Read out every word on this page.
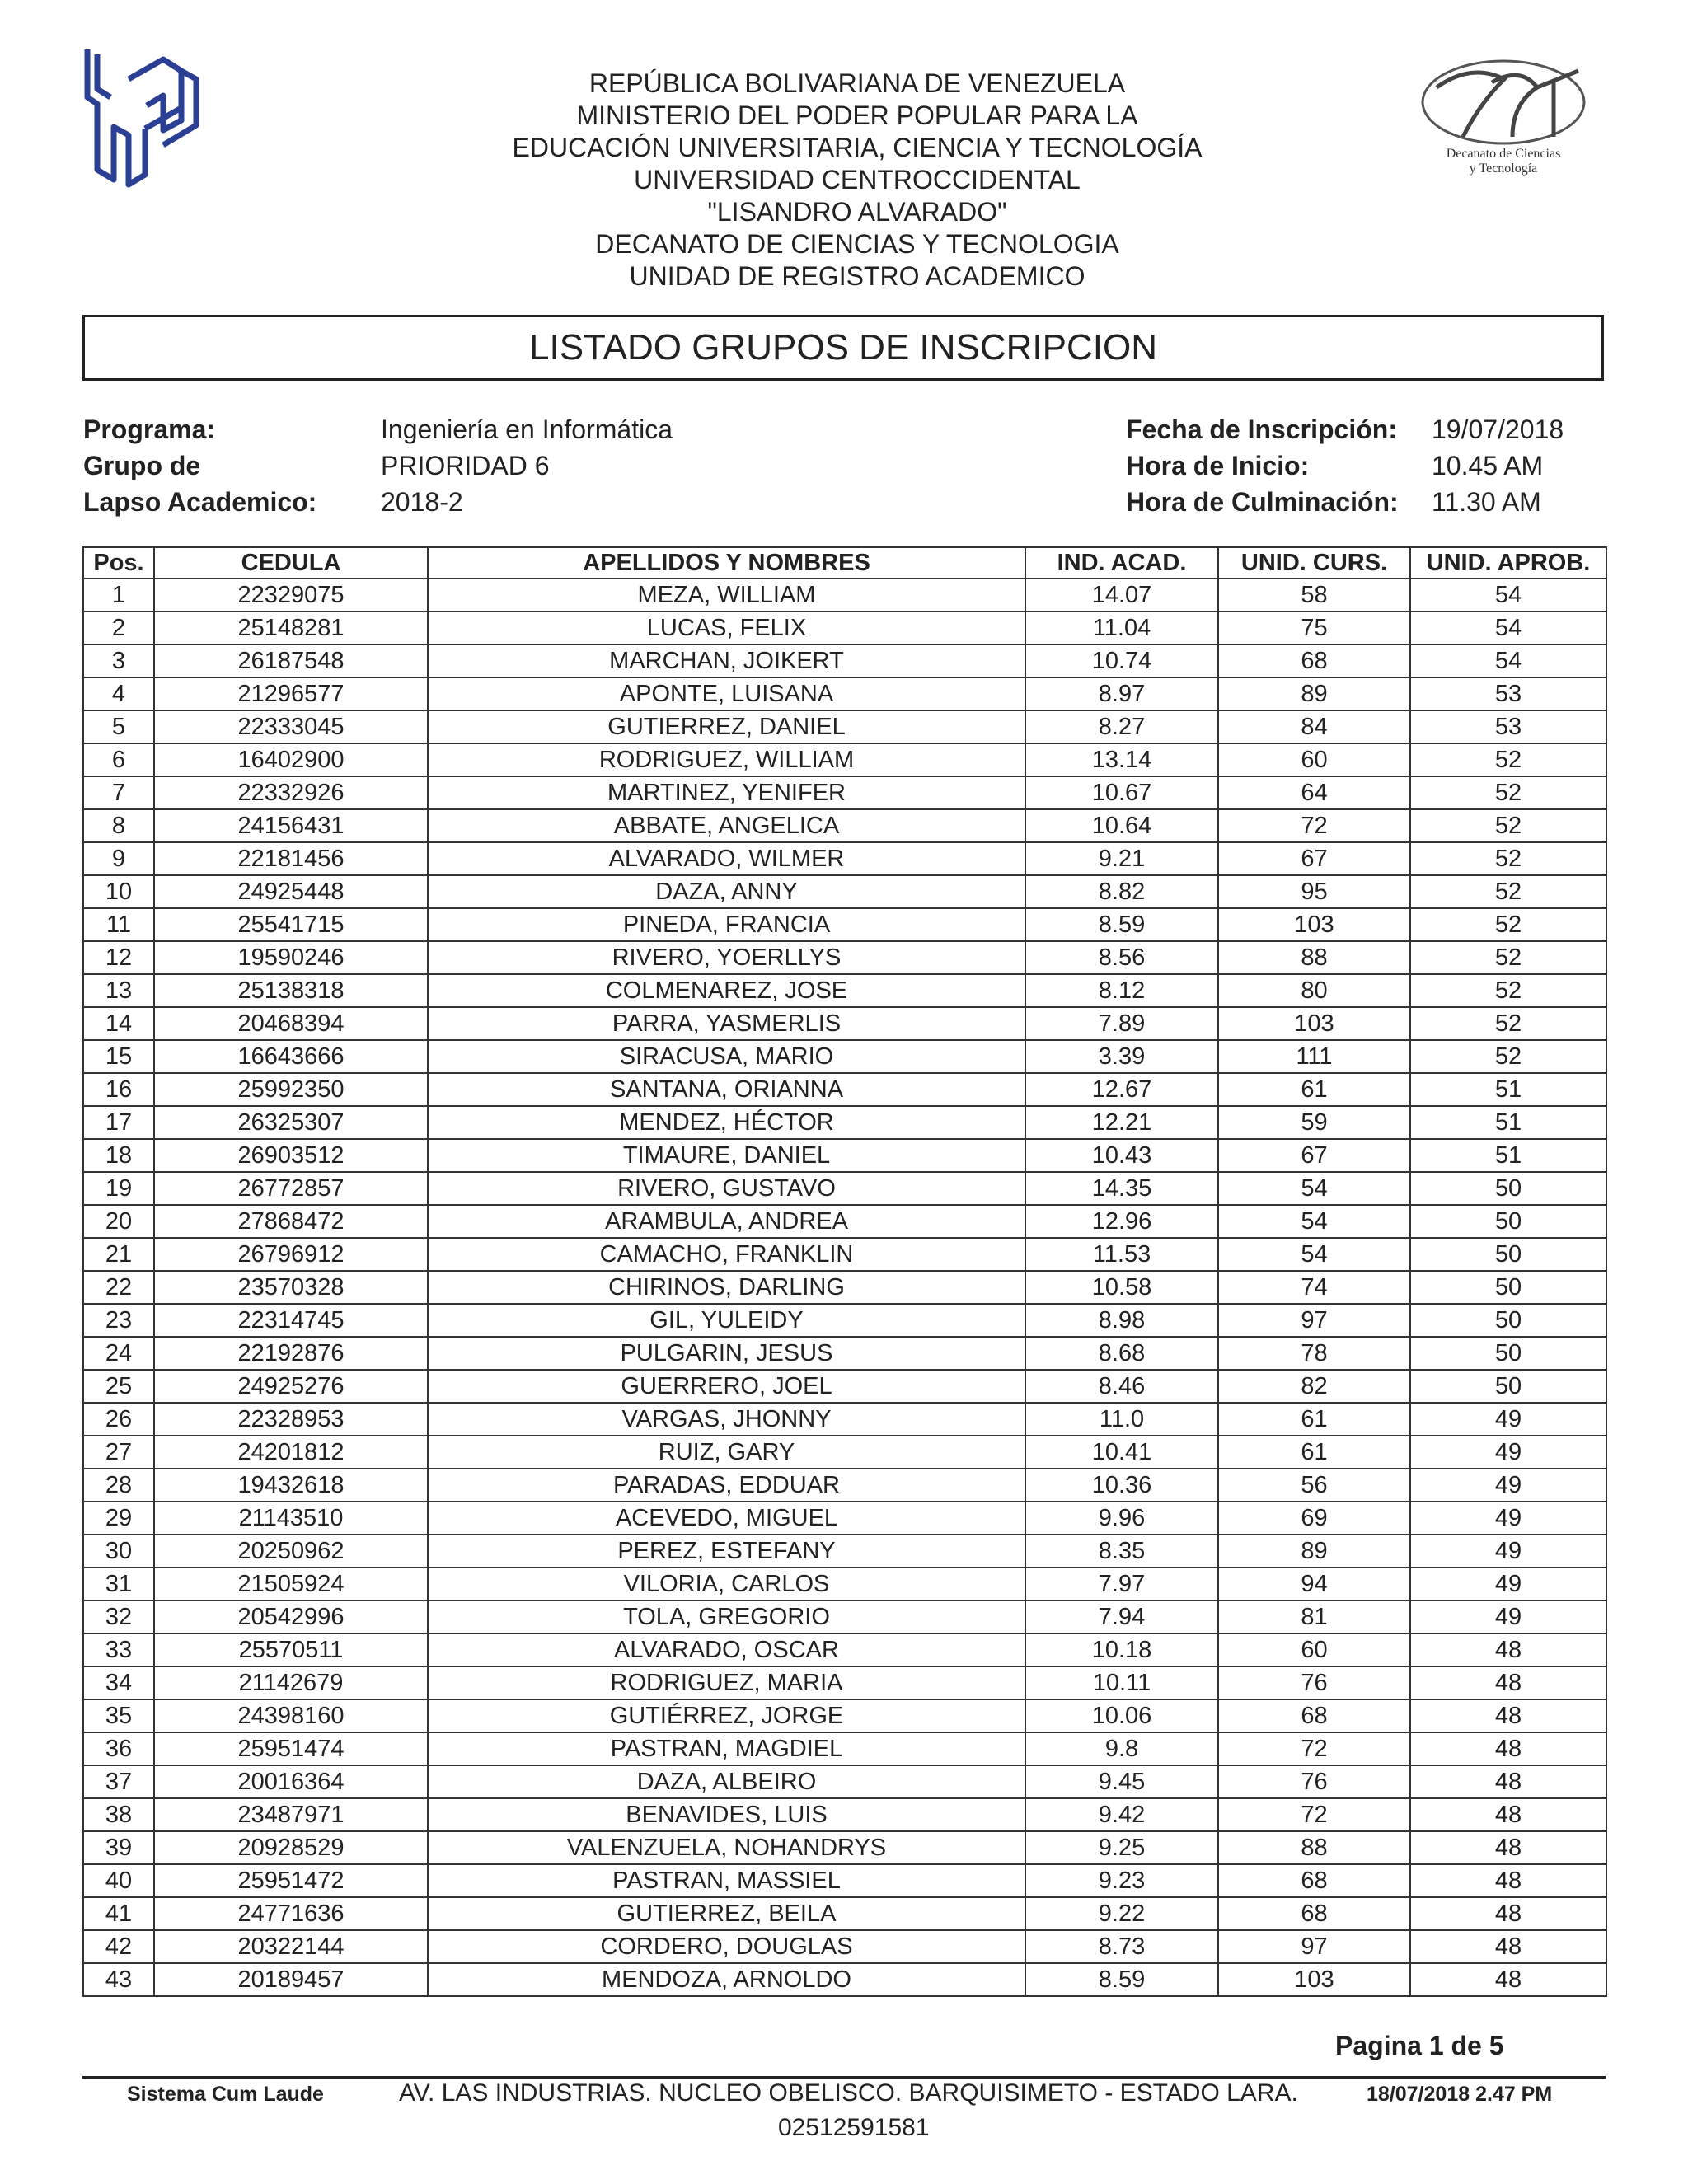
Decanato de Ciencias
y Tecnología
REPÚBLICA BOLIVARIANA DE VENEZUELA
MINISTERIO DEL PODER POPULAR PARA LA
EDUCACIÓN UNIVERSITARIA, CIENCIA Y TECNOLOGÍA
UNIVERSIDAD CENTROCCIDENTAL
"LISANDRO ALVARADO"
DECANATO DE CIENCIAS Y TECNOLOGIA
UNIDAD DE REGISTRO ACADEMICO
LISTADO GRUPOS DE INSCRIPCION
Programa:
Grupo de
Lapso Academico:
Ingeniería en Informática
PRIORIDAD 6
2018-2
Fecha de Inscripción:
Hora de Inicio:
Hora de Culminación:
19/07/2018
10.45 AM
11.30 AM
Pos.	CEDULA	APELLIDOS Y NOMBRES	IND. ACAD.	UNID. CURS.	UNID. APROB.
1	22329075	MEZA, WILLIAM	14.07	58	54
2	25148281	LUCAS, FELIX	11.04	75	54
3	26187548	MARCHAN, JOIKERT	10.74	68	54
4	21296577	APONTE, LUISANA	8.97	89	53
5	22333045	GUTIERREZ, DANIEL	8.27	84	53
6	16402900	RODRIGUEZ, WILLIAM	13.14	60	52
7	22332926	MARTINEZ, YENIFER	10.67	64	52
8	24156431	ABBATE, ANGELICA	10.64	72	52
9	22181456	ALVARADO, WILMER	9.21	67	52
10	24925448	DAZA, ANNY	8.82	95	52
11	25541715	PINEDA, FRANCIA	8.59	103	52
12	19590246	RIVERO, YOERLLYS	8.56	88	52
13	25138318	COLMENAREZ, JOSE	8.12	80	52
14	20468394	PARRA, YASMERLIS	7.89	103	52
15	16643666	SIRACUSA, MARIO	3.39	111	52
16	25992350	SANTANA, ORIANNA	12.67	61	51
17	26325307	MENDEZ, HÉCTOR	12.21	59	51
18	26903512	TIMAURE, DANIEL	10.43	67	51
19	26772857	RIVERO, GUSTAVO	14.35	54	50
20	27868472	ARAMBULA, ANDREA	12.96	54	50
21	26796912	CAMACHO, FRANKLIN	11.53	54	50
22	23570328	CHIRINOS, DARLING	10.58	74	50
23	22314745	GIL, YULEIDY	8.98	97	50
24	22192876	PULGARIN, JESUS	8.68	78	50
25	24925276	GUERRERO, JOEL	8.46	82	50
26	22328953	VARGAS, JHONNY	11.0	61	49
27	24201812	RUIZ, GARY	10.41	61	49
28	19432618	PARADAS, EDDUAR	10.36	56	49
29	21143510	ACEVEDO, MIGUEL	9.96	69	49
30	20250962	PEREZ, ESTEFANY	8.35	89	49
31	21505924	VILORIA, CARLOS	7.97	94	49
32	20542996	TOLA, GREGORIO	7.94	81	49
33	25570511	ALVARADO, OSCAR	10.18	60	48
34	21142679	RODRIGUEZ, MARIA	10.11	76	48
35	24398160	GUTIÉRREZ, JORGE	10.06	68	48
36	25951474	PASTRAN, MAGDIEL	9.8	72	48
37	20016364	DAZA, ALBEIRO	9.45	76	48
38	23487971	BENAVIDES, LUIS	9.42	72	48
39	20928529	VALENZUELA, NOHANDRYS	9.25	88	48
40	25951472	PASTRAN, MASSIEL	9.23	68	48
41	24771636	GUTIERREZ, BEILA	9.22	68	48
42	20322144	CORDERO, DOUGLAS	8.73	97	48
43	20189457	MENDOZA, ARNOLDO	8.59	103	48
Pagina 1 de 5
Sistema Cum Laude	AV. LAS INDUSTRIAS. NUCLEO OBELISCO. BARQUISIMETO - ESTADO LARA.
02512591581
18/07/2018 2.47 PM
